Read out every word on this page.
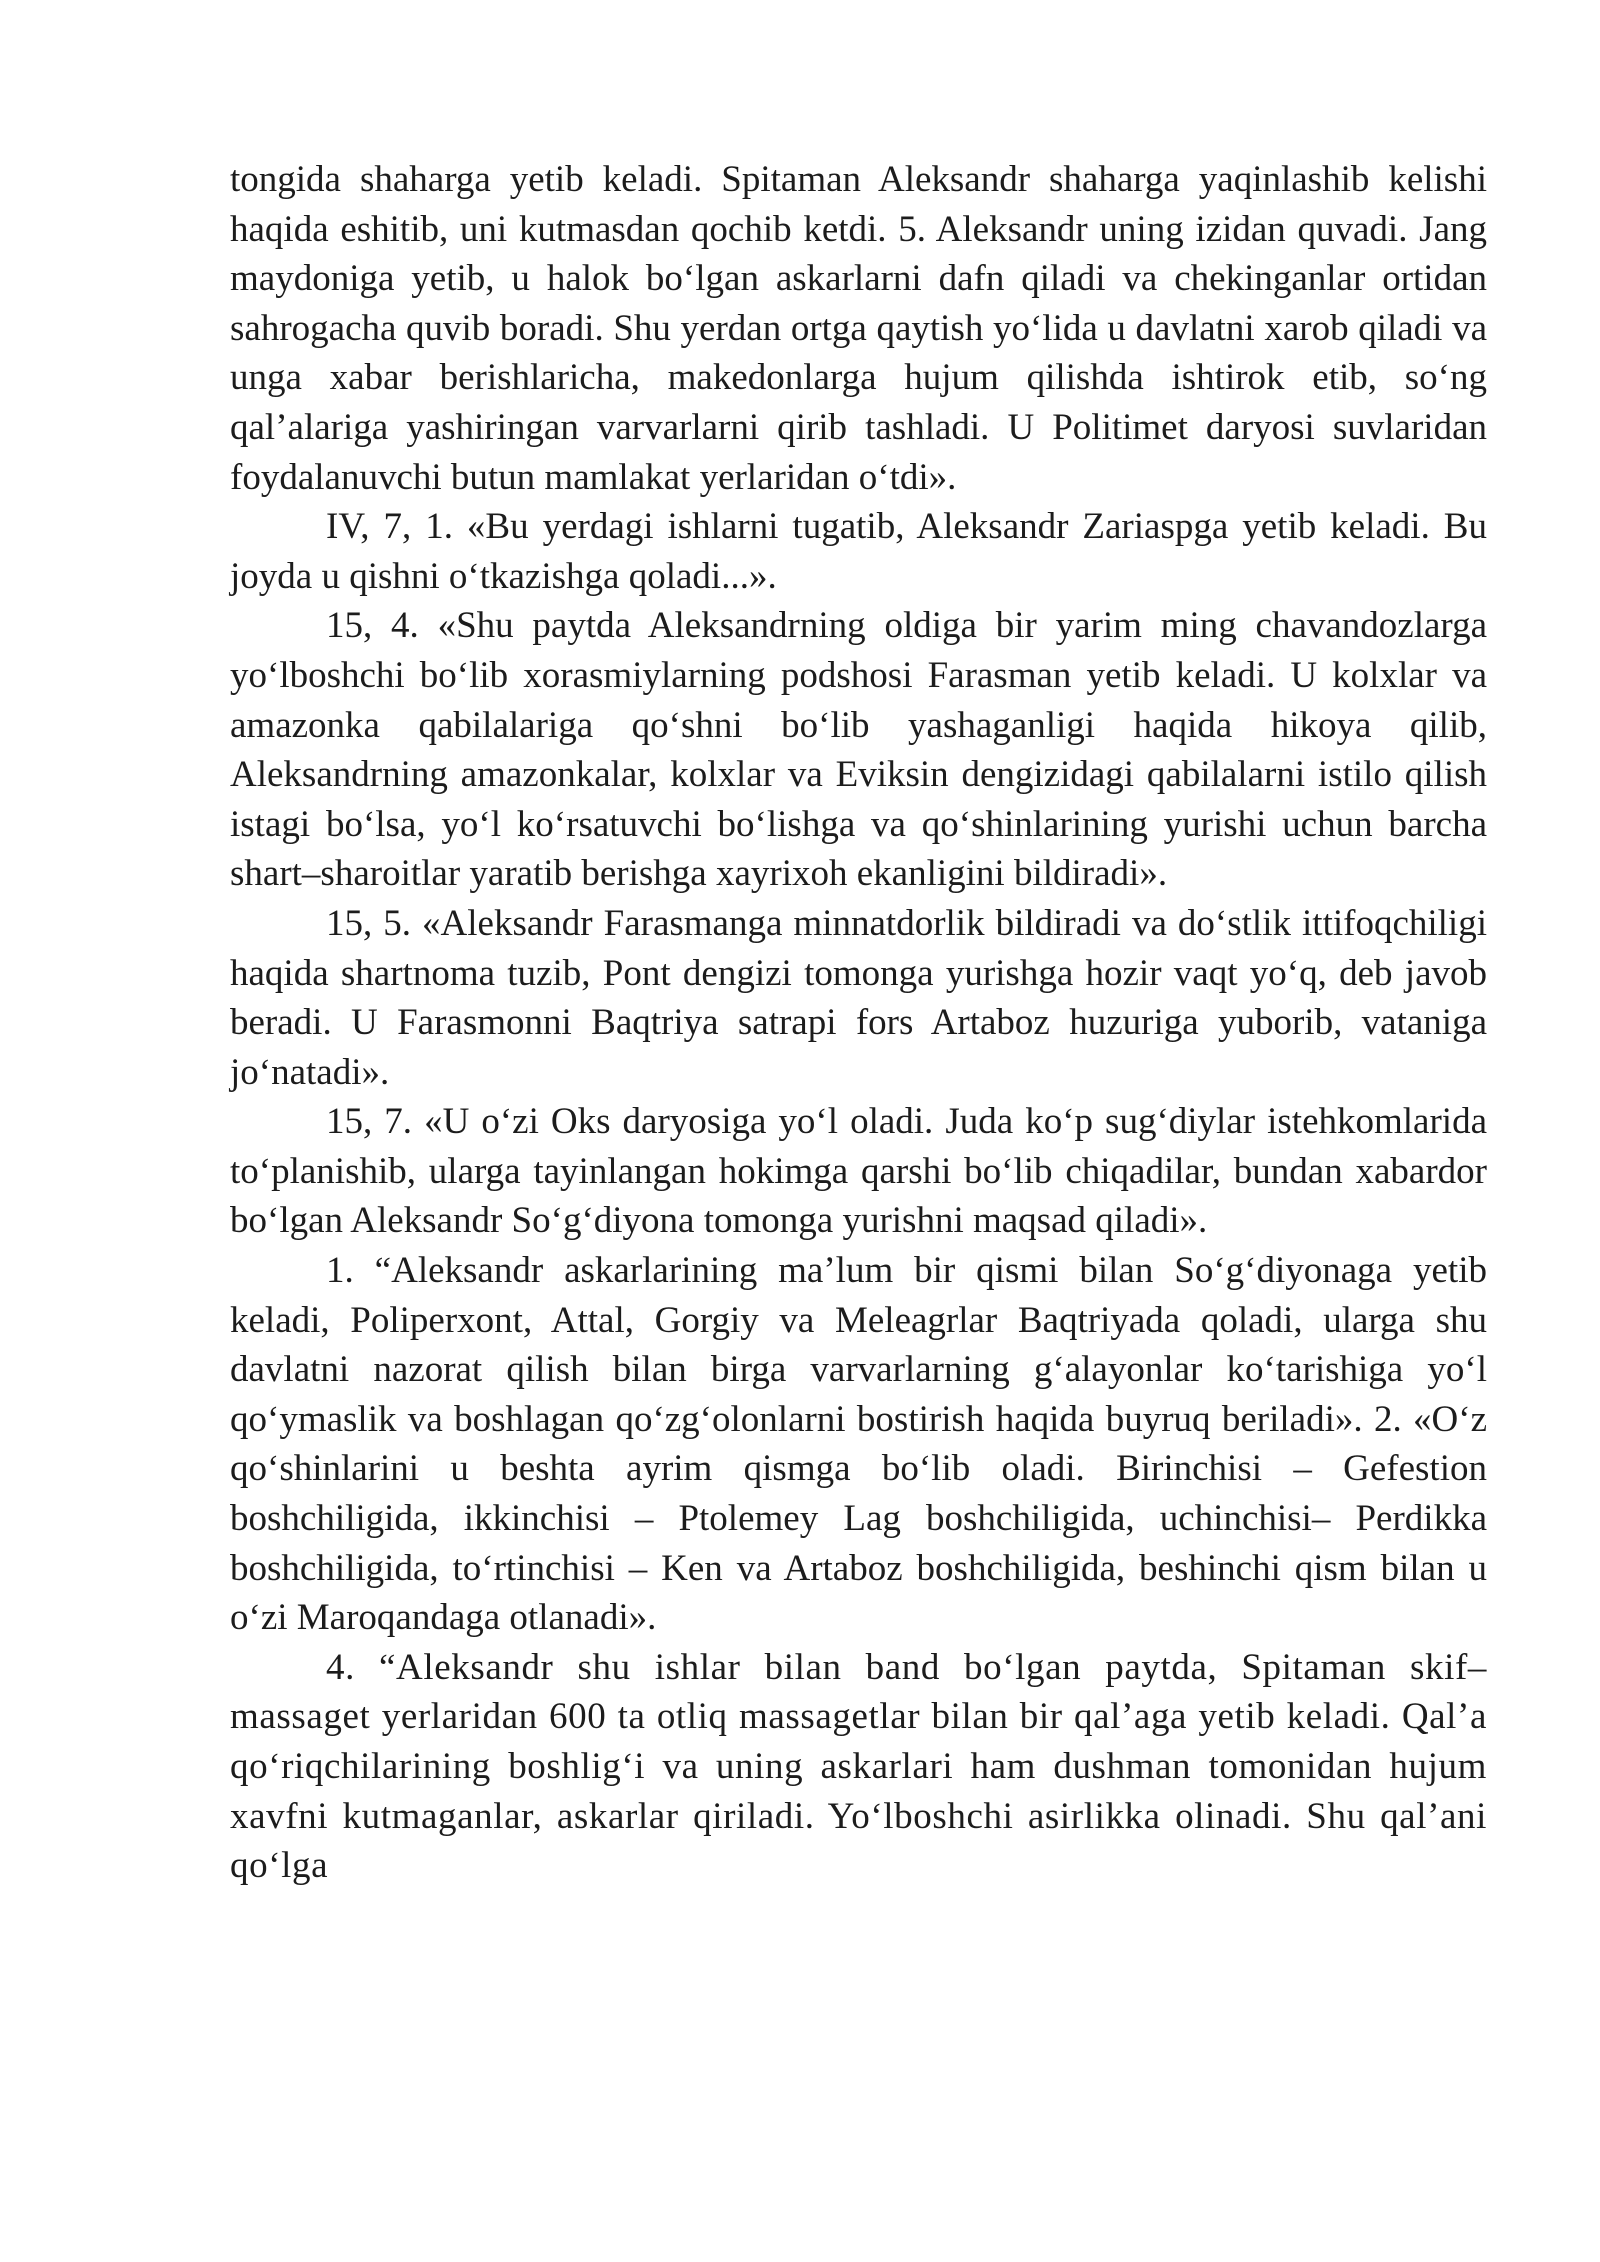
tongida shaharga yetib keladi. Spitaman Aleksandr shaharga yaqinlashib kelishi haqida eshitib, uni kutmasdan qochib ketdi. 5. Aleksandr uning izidan quvadi. Jang maydoniga yetib, u halok bo‘lgan askarlarni dafn qiladi va chekinganlar ortidan sahrogacha quvib boradi. Shu yerdan ortga qaytish yo‘lida u davlatni xarob qiladi va unga xabar berishlaricha, makedonlarga hujum qilishda ishtirok etib, so‘ng qal’alariga yashiringan varvarlarni qirib tashladi. U Politimet daryosi suvlaridan foydalanuvchi butun mamlakat yerlaridan o‘tdi».

IV, 7, 1. «Bu yerdagi ishlarni tugatib, Aleksandr Zariaspga yetib keladi. Bu joyda u qishni o‘tkazishga qoladi...».

15, 4. «Shu paytda Aleksandrning oldiga bir yarim ming chavandozlarga yo‘lboshchi bo‘lib xorasmiylarning podshosi Farasman yetib keladi. U kolxlar va amazonka qabilalariga qo‘shni bo‘lib yashaganligi haqida hikoya qilib, Aleksandrning amazonkalar, kolxlar va Eviksin dengizidagi qabilalarni istilo qilish istagi bo‘lsa, yo‘l ko‘rsatuvchi bo‘lishga va qo‘shinlarining yurishi uchun barcha shart–sharoitlar yaratib berishga xayrixoh ekanligini bildiradi».

15, 5. «Aleksandr Farasmanga minnatdorlik bildiradi va do‘stlik ittifoqchiligi haqida shartnoma tuzib, Pont dengizi tomonga yurishga hozir vaqt yo‘q, deb javob beradi. U Farasmonni Baqtriya satrapi fors Artaboz huzuriga yuborib, vataniga jo‘natadi».

15, 7. «U o‘zi Oks daryosiga yo‘l oladi. Juda ko‘p sug‘diylar istehkomlarida to‘planishib, ularga tayinlangan hokimga qarshi bo‘lib chiqadilar, bundan xabardor bo‘lgan Aleksandr So‘g‘diyona tomonga yurishni maqsad qiladi».

1. “Aleksandr askarlarining ma’lum bir qismi bilan So‘g‘diyonaga yetib keladi, Poliperxont, Attal, Gorgiy va Meleagrlar Baqtriyada qoladi, ularga shu davlatni nazorat qilish bilan birga varvarlarning g‘alayonlar ko‘tarishiga yo‘l qo‘ymaslik va boshlagan qo‘zg‘olonlarni bostirish haqida buyruq beriladi». 2. «O‘z qo‘shinlarini u beshta ayrim qismga bo‘lib oladi. Birinchisi – Gefestion boshchiligida, ikkinchisi – Ptolemey Lag boshchiligida, uchinchisi– Perdikka boshchiligida, to‘rtinchisi – Ken va Artaboz boshchiligida, beshinchi qism bilan u o‘zi Maroqandaga otlanadi».

4. “Aleksandr shu ishlar bilan band bo‘lgan paytda, Spitaman skif–massaget yerlaridan 600 ta otliq massagetlar bilan bir qal’aga yetib keladi. Qal’a qo‘riqchilarining boshlig‘i va uning askarlari ham dushman tomonidan hujum xavfni kutmaganlar, askarlar qiriladi. Yo‘lboshchi asirlikka olinadi. Shu qal’ani qo‘lga
